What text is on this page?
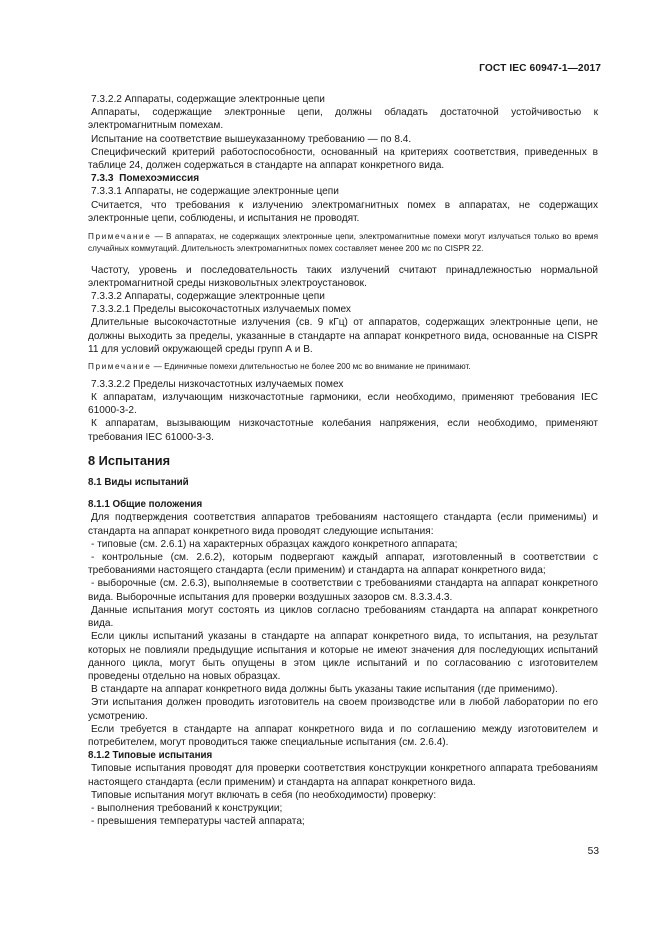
ГОСТ IEC 60947-1—2017

7.3.2.2 Аппараты, содержащие электронные цепи

Аппараты, содержащие электронные цепи, должны обладать достаточной устойчивостью к электромагнитным помехам.

Испытание на соответствие вышеуказанному требованию — по 8.4.

Специфический критерий работоспособности, основанный на критериях соответствия, приведенных в таблице 24, должен содержаться в стандарте на аппарат конкретного вида.

7.3.3 Помехоэмиссия

7.3.3.1 Аппараты, не содержащие электронные цепи

Считается, что требования к излучению электромагнитных помех в аппаратах, не содержащих электронные цепи, соблюдены, и испытания не проводят.

Примечание — В аппаратах, не содержащих электронные цепи, электромагнитные помехи могут излучаться только во время случайных коммутаций. Длительность электромагнитных помех составляет менее 200 мс по CISPR 22.

Частоту, уровень и последовательность таких излучений считают принадлежностью нормальной электромагнитной среды низковольтных электроустановок.

7.3.3.2 Аппараты, содержащие электронные цепи

7.3.3.2.1 Пределы высокочастотных излучаемых помех

Длительные высокочастотные излучения (св. 9 кГц) от аппаратов, содержащих электронные цепи, не должны выходить за пределы, указанные в стандарте на аппарат конкретного вида, основанные на CISPR 11 для условий окружающей среды групп А и В.

Примечание — Единичные помехи длительностью не более 200 мс во внимание не принимают.

7.3.3.2.2 Пределы низкочастотных излучаемых помех

К аппаратам, излучающим низкочастотные гармоники, если необходимо, применяют требования IEC 61000-3-2.

К аппаратам, вызывающим низкочастотные колебания напряжения, если необходимо, применяют требования IEC 61000-3-3.

8 Испытания

8.1 Виды испытаний

8.1.1 Общие положения

Для подтверждения соответствия аппаратов требованиям настоящего стандарта (если применимы) и стандарта на аппарат конкретного вида проводят следующие испытания:

- типовые (см. 2.6.1) на характерных образцах каждого конкретного аппарата;

- контрольные (см. 2.6.2), которым подвергают каждый аппарат, изготовленный в соответствии с требованиями настоящего стандарта (если применим) и стандарта на аппарат конкретного вида;

- выборочные (см. 2.6.3), выполняемые в соответствии с требованиями стандарта на аппарат конкретного вида. Выборочные испытания для проверки воздушных зазоров см. 8.3.3.4.3.

Данные испытания могут состоять из циклов согласно требованиям стандарта на аппарат конкретного вида.

Если циклы испытаний указаны в стандарте на аппарат конкретного вида, то испытания, на результат которых не повлияли предыдущие испытания и которые не имеют значения для последующих испытаний данного цикла, могут быть опущены в этом цикле испытаний и по согласованию с изготовителем проведены отдельно на новых образцах.

В стандарте на аппарат конкретного вида должны быть указаны такие испытания (где применимо).

Эти испытания должен проводить изготовитель на своем производстве или в любой лаборатории по его усмотрению.

Если требуется в стандарте на аппарат конкретного вида и по соглашению между изготовителем и потребителем, могут проводиться также специальные испытания (см. 2.6.4).

8.1.2 Типовые испытания

Типовые испытания проводят для проверки соответствия конструкции конкретного аппарата требованиям настоящего стандарта (если применим) и стандарта на аппарат конкретного вида.

Типовые испытания могут включать в себя (по необходимости) проверку:

- выполнения требований к конструкции;

- превышения температуры частей аппарата;

53
